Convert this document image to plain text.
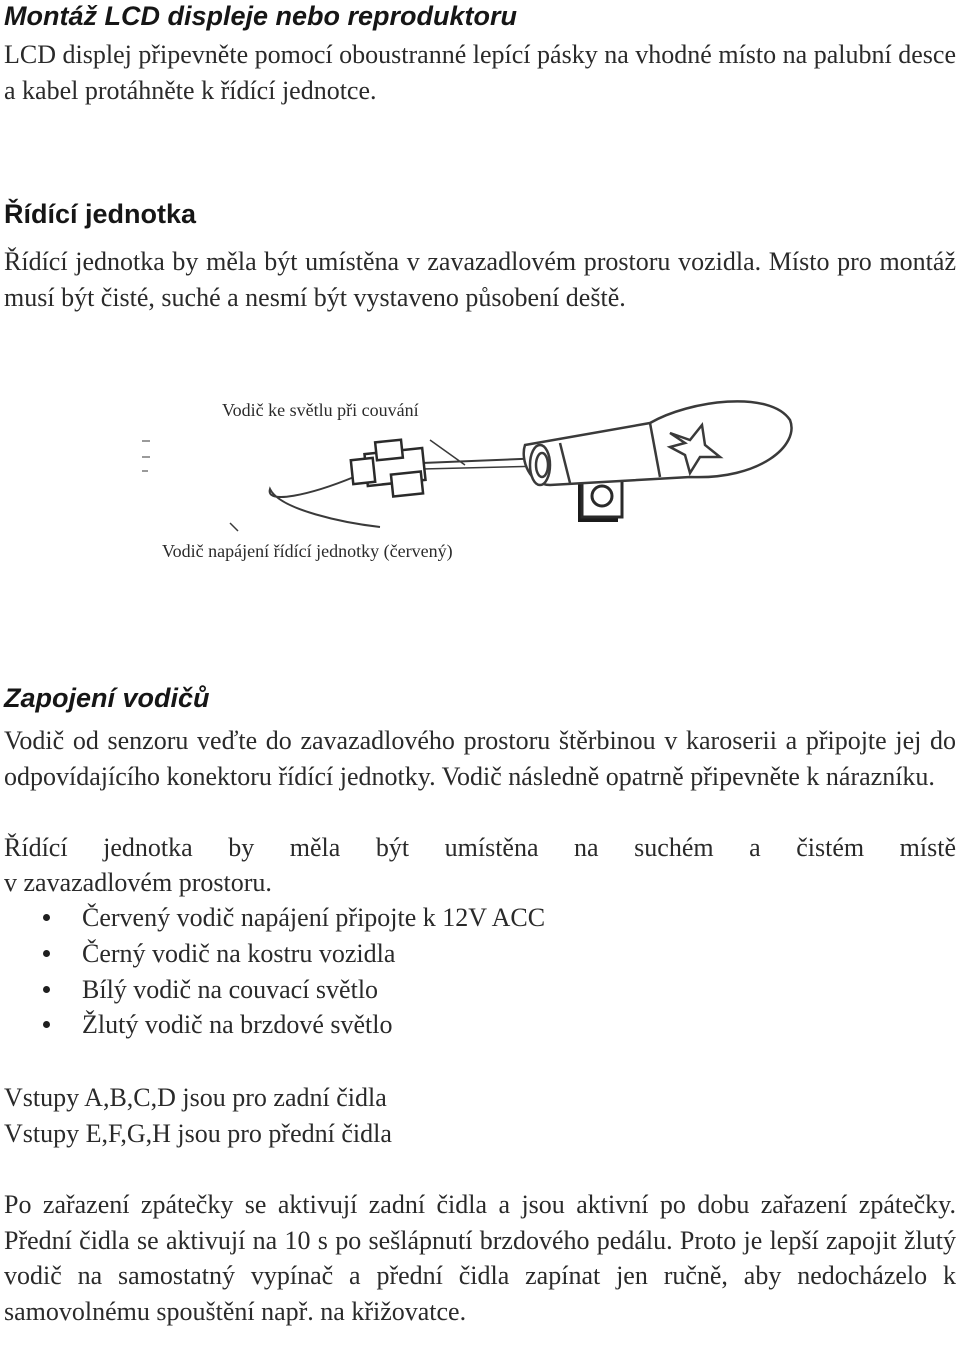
Montáž LCD displeje nebo reproduktoru

LCD displej připevněte pomocí oboustranné lepící pásky na vhodné místo na palubní desce a kabel protáhněte k řídící jednotce.

Řídící jednotka

Řídící jednotka by měla být umístěna v zavazadlovém prostoru vozidla. Místo pro montáž musí být čisté, suché a nesmí být vystaveno působení deště.

Vodič ke světlu při couvání
Vodič napájení řídící jednotky (červený)
Zapojení vodičů

Vodič od senzoru veďte do zavazadlového prostoru štěrbinou v karoserii a připojte jej do odpovídajícího konektoru řídící jednotky. Vodič následně opatrně připevněte k nárazníku.

Řídící jednotka by měla být umístěna na suchém a čistém místě

v zavazadlovém prostoru.

Červený vodič napájení připojte k 12V ACC
Černý vodič na kostru vozidla
Bílý vodič na couvací světlo
Žlutý vodič na brzdové světlo

Vstupy A,B,C,D jsou pro zadní čidla

Vstupy E,F,G,H jsou pro přední čidla

Po zařazení zpátečky se aktivují zadní čidla a jsou aktivní po dobu zařazení zpátečky. Přední čidla se aktivují na 10 s po sešlápnutí brzdového pedálu. Proto je lepší zapojit žlutý vodič na samostatný vypínač a přední čidla zapínat jen ručně, aby nedocházelo k samovolnému spouštění např. na křižovatce.
